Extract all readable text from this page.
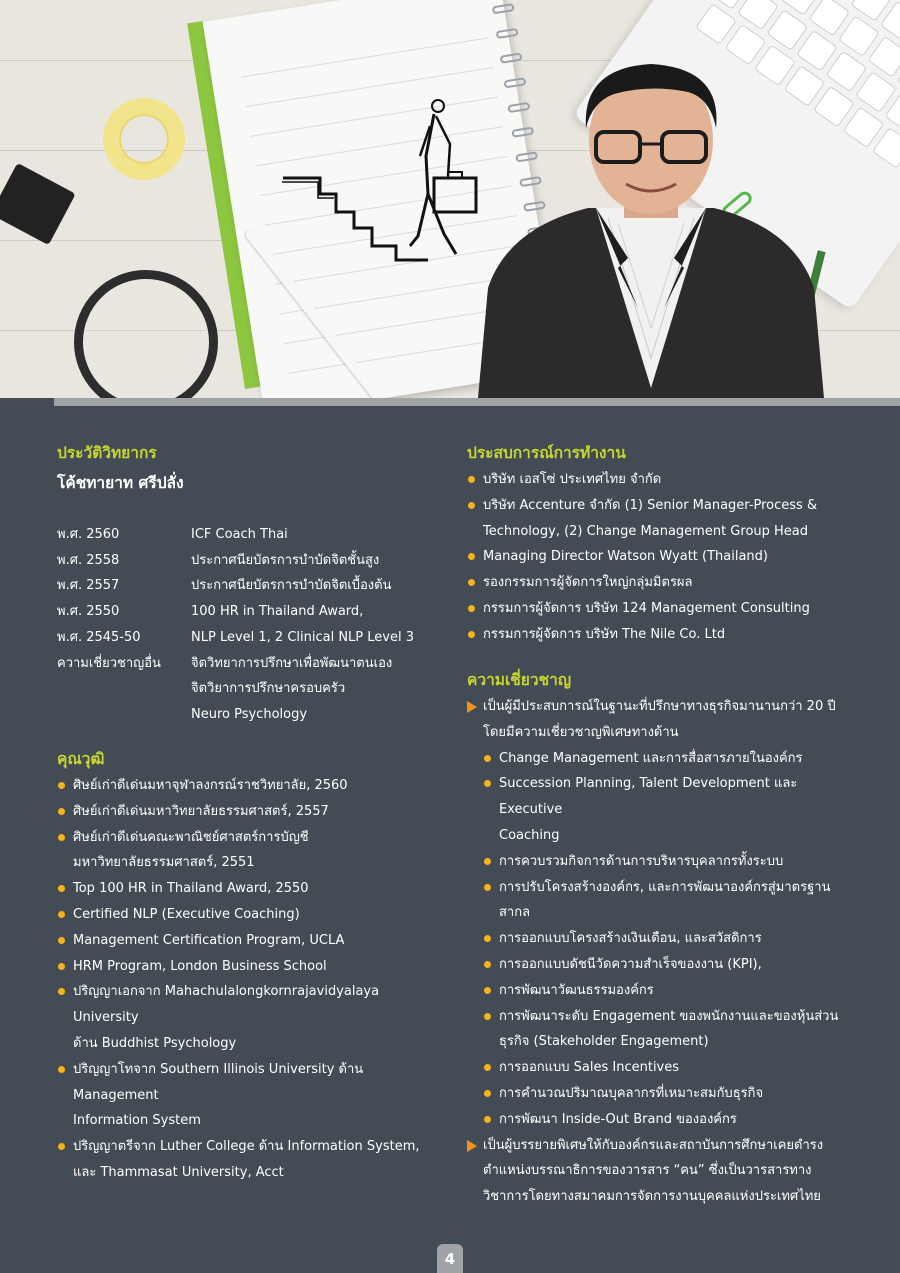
ประวัติวิทยากร
โค้ชทายาท ศรีปลั่ง
พ.ศ. 2560	ICF Coach Thai
พ.ศ. 2558	ประกาศนียบัตรการบำบัดจิตชั้นสูง
พ.ศ. 2557	ประกาศนียบัตรการบำบัดจิตเบื้องต้น
พ.ศ. 2550	100 HR in Thailand Award,
พ.ศ. 2545-50	NLP Level 1, 2 Clinical NLP Level 3
ความเชี่ยวชาญอื่น จิตวิทยาการปรึกษาเพื่อพัฒนาตนเอง
จิตวิยาการปรึกษาครอบครัว
Neuro Psychology
คุณวุฒิ
ศิษย์เก่าดีเด่นมหาจุฬาลงกรณ์ราชวิทยาลัย, 2560
ศิษย์เก่าดีเด่นมหาวิทยาลัยธรรมศาสตร์, 2557
ศิษย์เก่าดีเด่นคณะพาณิชย์ศาสตร์การบัญชี
มหาวิทยาลัยธรรมศาสตร์, 2551
Top 100 HR in Thailand Award, 2550
Certified NLP (Executive Coaching)
Management Certification Program, UCLA
HRM Program, London Business School
ปริญญาเอกจาก Mahachulalongkornrajavidyalaya University
ด้าน Buddhist Psychology
ปริญญาโทจาก Southern Illinois University ด้าน Management
Information System
ปริญญาตรีจาก Luther College ด้าน Information System,
และ Thammasat University, Acct
ประสบการณ์การทำงาน
บริษัท เอสโซ่ ประเทศไทย จำกัด
บริษัท Accenture จำกัด (1) Senior Manager-Process &
Technology, (2) Change Management Group Head
Managing Director Watson Wyatt (Thailand)
รองกรรมการผู้จัดการใหญ่กลุ่มมิตรผล
กรรมการผู้จัดการ บริษัท 124 Management Consulting
กรรมการผู้จัดการ บริษัท The Nile Co. Ltd
ความเชี่ยวชาญ
เป็นผู้มีประสบการณ์ในฐานะที่ปรึกษาทางธุรกิจมานานกว่า 20 ปี
โดยมีความเชี่ยวชาญพิเศษทางด้าน
Change Management และการสื่อสารภายในองค์กร
Succession Planning, Talent Development และ Executive
Coaching
การควบรวมกิจการด้านการบริหารบุคลากรทั้งระบบ
การปรับโครงสร้างองค์กร, และการพัฒนาองค์กรสู่มาตรฐาน
สากล
การออกแบบโครงสร้างเงินเดือน, และสวัสดิการ
การออกแบบดัชนีวัดความสำเร็จของงาน (KPI),
การพัฒนาวัฒนธรรมองค์กร
การพัฒนาระดับ Engagement ของพนักงานและของหุ้นส่วน
ธุรกิจ (Stakeholder Engagement)
การออกแบบ Sales Incentives
การคำนวณปริมาณบุคลากรที่เหมาะสมกับธุรกิจ
การพัฒนา Inside-Out Brand ขององค์กร
เป็นผู้บรรยายพิเศษให้กับองค์กรและสถาบันการศึกษาเคยดำรง
ตำแหน่งบรรณาธิการของวารสาร “คน” ซึ่งเป็นวารสารทาง
วิชาการโดยทางสมาคมการจัดการงานบุคคลแห่งประเทศไทย
4
